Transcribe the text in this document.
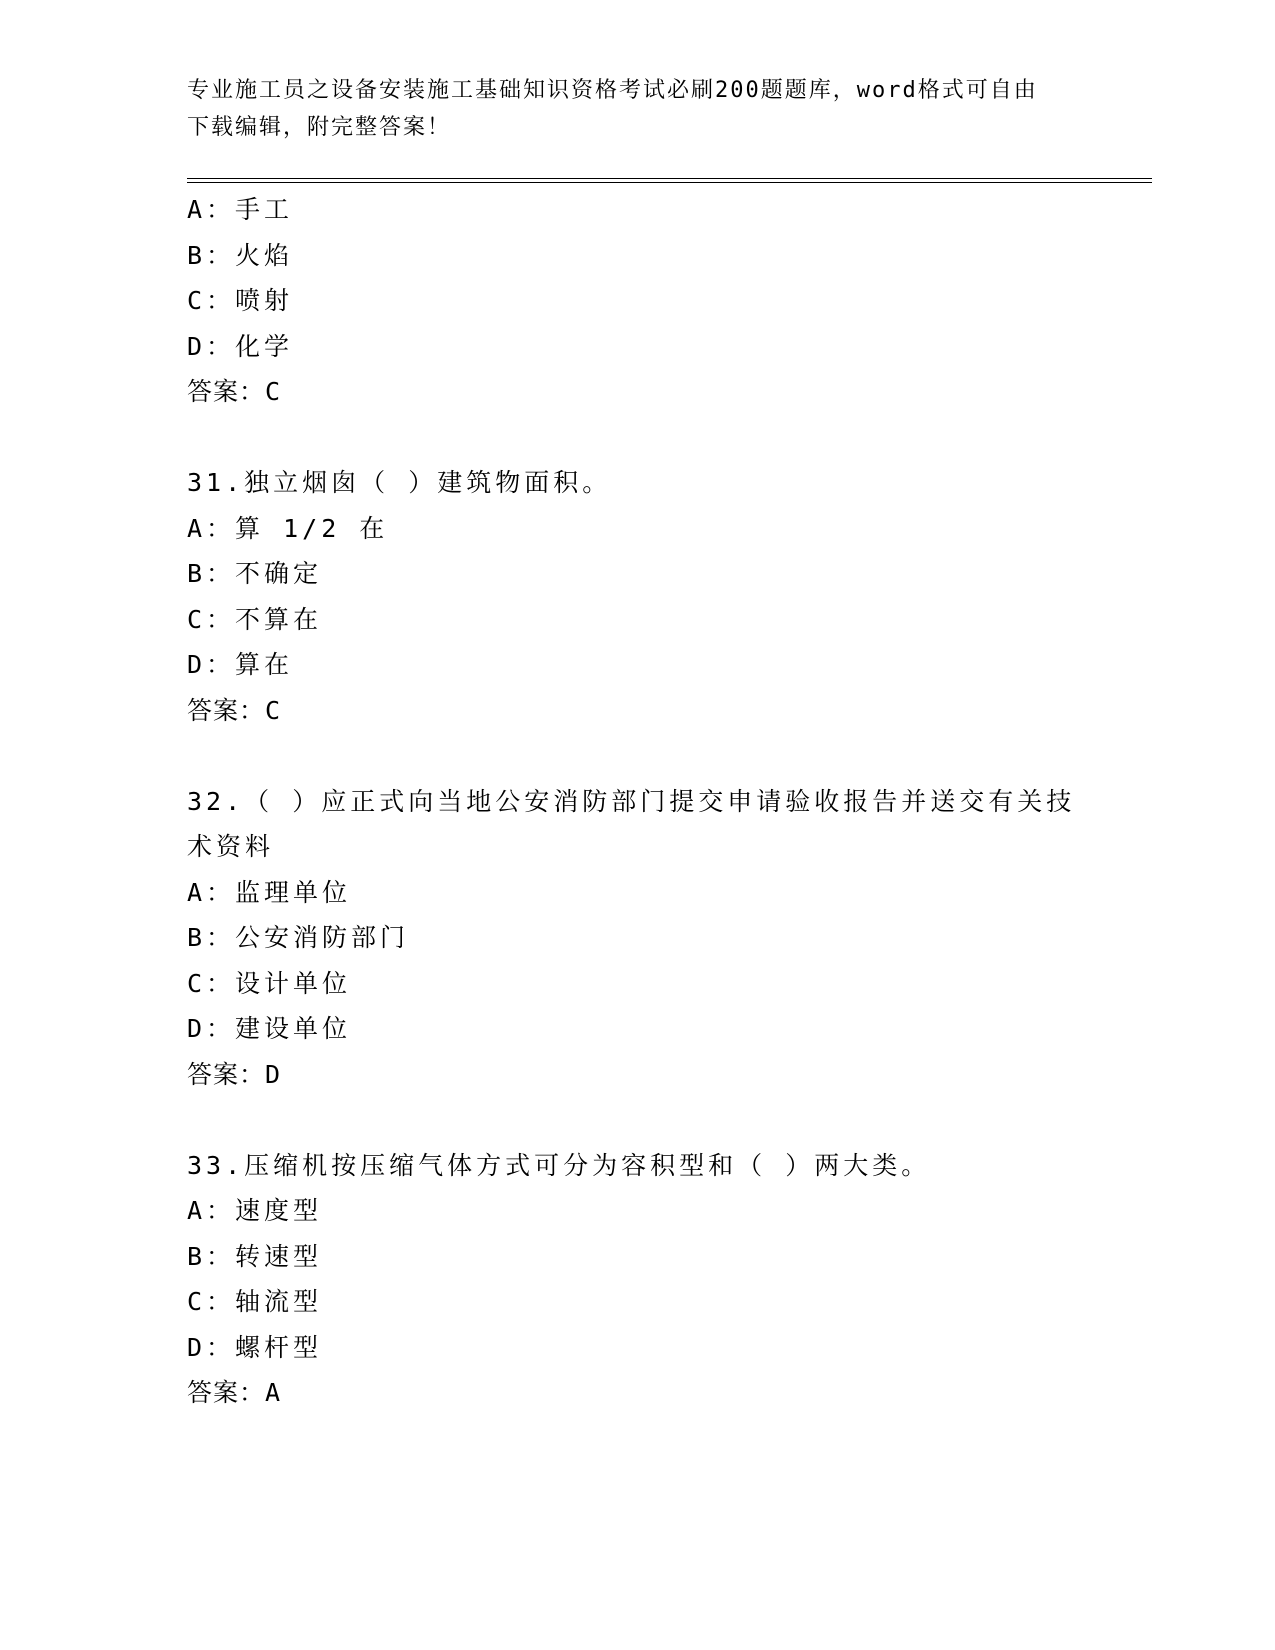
专业施工员之设备安装施工基础知识资格考试必刷200题题库，word格式可自由
下载编辑，附完整答案！
A：手工
B：火焰
C：喷射
D：化学
答案：C
31.独立烟囱（ ）建筑物面积。
A：算 1/2 在
B：不确定
C：不算在
D：算在
答案：C
32.（ ）应正式向当地公安消防部门提交申请验收报告并送交有关技
术资料
A：监理单位
B：公安消防部门
C：设计单位
D：建设单位
答案：D
33.压缩机按压缩气体方式可分为容积型和（ ）两大类。
A：速度型
B：转速型
C：轴流型
D：螺杆型
答案：A
